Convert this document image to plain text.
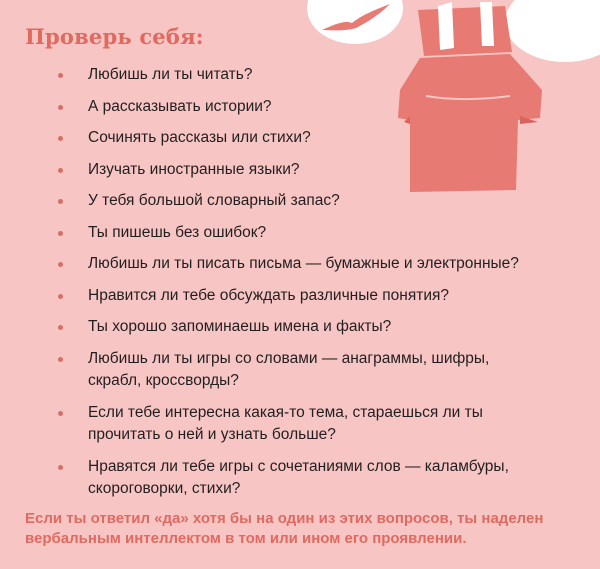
Проверь себя:
Любишь ли ты читать?
А рассказывать истории?
Сочинять рассказы или стихи?
Изучать иностранные языки?
У тебя большой словарный запас?
Ты пишешь без ошибок?
Любишь ли ты писать письма — бумажные и электронные?
Нравится ли тебе обсуждать различные понятия?
Ты хорошо запоминаешь имена и факты?
Любишь ли ты игры со словами — анаграммы, шифры, скрабл, кроссворды?
Если тебе интересна какая-то тема, стараешься ли ты прочитать о ней и узнать больше?
Нравятся ли тебе игры с сочетаниями слов — каламбуры, скороговорки, стихи?
Если ты ответил «да» хотя бы на один из этих вопросов, ты наделен вербальным интеллектом в том или ином его проявлении.
